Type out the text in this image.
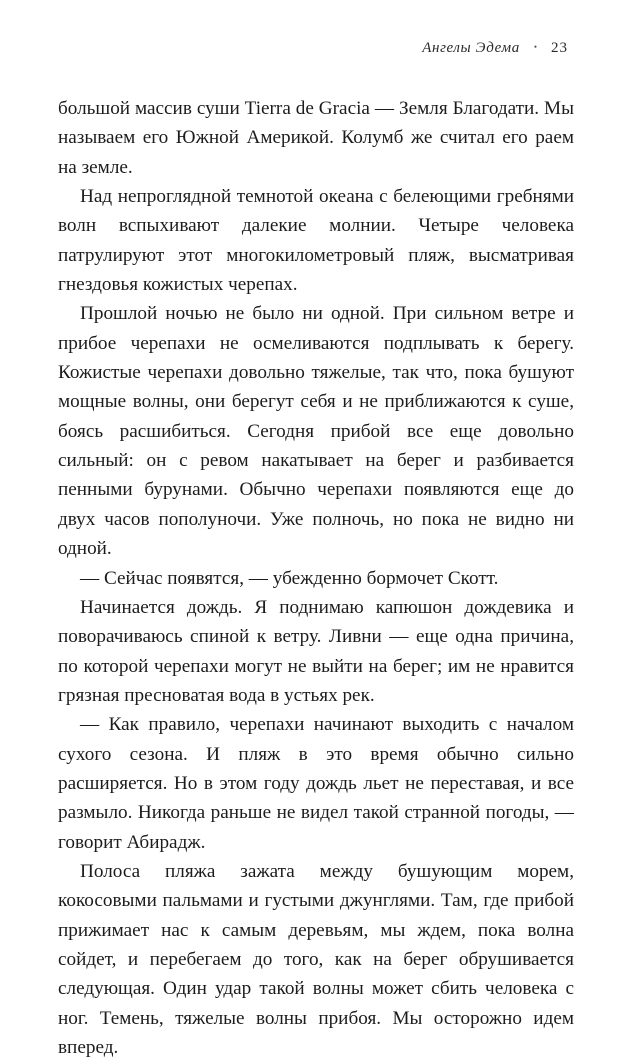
Ангелы Эдема • 23

большой массив суши Tierra de Gracia — Земля Благодати. Мы называем его Южной Америкой. Колумб же считал его раем на земле.

Над непроглядной темнотой океана с белеющими гребнями волн вспыхивают далекие молнии. Четыре человека патрулируют этот многокилометровый пляж, высматривая гнездовья кожистых черепах.

Прошлой ночью не было ни одной. При сильном ветре и прибое черепахи не осмеливаются подплывать к берегу. Кожистые черепахи довольно тяжелые, так что, пока бушуют мощные волны, они берегут себя и не приближаются к суше, боясь расшибиться. Сегодня прибой все еще довольно сильный: он с ревом накатывает на берег и разбивается пенными бурунами. Обычно черепахи появляются еще до двух часов пополуночи. Уже полночь, но пока не видно ни одной.

— Сейчас появятся, — убежденно бормочет Скотт.

Начинается дождь. Я поднимаю капюшон дождевика и поворачиваюсь спиной к ветру. Ливни — еще одна причина, по которой черепахи могут не выйти на берег; им не нравится грязная пресноватая вода в устьях рек.

— Как правило, черепахи начинают выходить с началом сухого сезона. И пляж в это время обычно сильно расширяется. Но в этом году дождь льет не переставая, и все размыло. Никогда раньше не видел такой странной погоды, — говорит Абирадж.

Полоса пляжа зажата между бушующим морем, кокосовыми пальмами и густыми джунглями. Там, где прибой прижимает нас к самым деревьям, мы ждем, пока волна сойдет, и перебегаем до того, как на берег обрушивается следующая. Один удар такой волны может сбить человека с ног. Темень, тяжелые волны прибоя. Мы осторожно идем вперед.
